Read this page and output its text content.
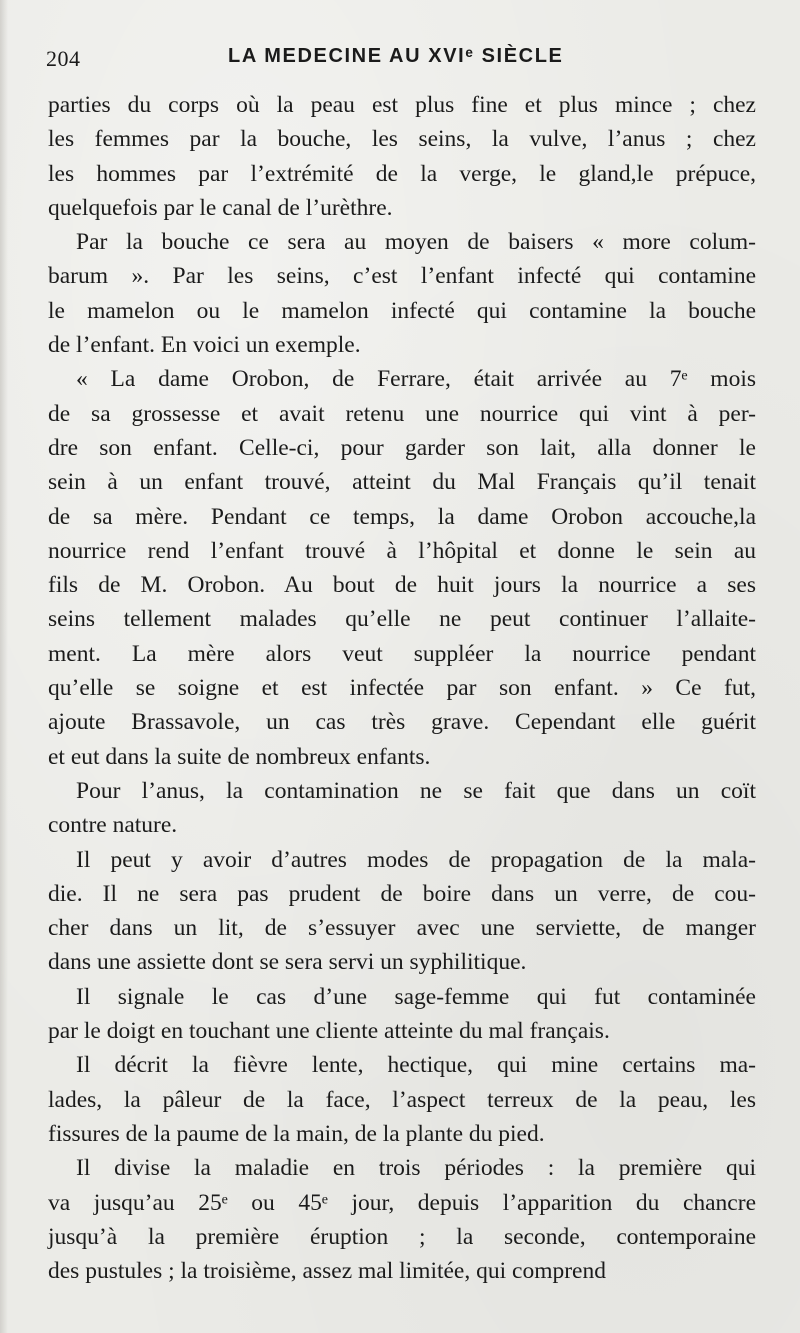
204	LA MEDECINE AU XVIᵉ SIÈCLE

parties du corps où la peau est plus fine et plus mince ; chez
les femmes par la bouche, les seins, la vulve, l’anus ; chez
les hommes par l’extrémité de la verge, le gland,le prépuce,
quelquefois par le canal de l’urèthre.

Par la bouche ce sera au moyen de baisers « more colum-
barum ». Par les seins, c’est l’enfant infecté qui contamine
le mamelon ou le mamelon infecté qui contamine la bouche
de l’enfant. En voici un exemple.

« La dame Orobon, de Ferrare, était arrivée au 7ᵉ mois
de sa grossesse et avait retenu une nourrice qui vint à per-
dre son enfant. Celle-ci, pour garder son lait, alla donner le
sein à un enfant trouvé, atteint du Mal Français qu’il tenait
de sa mère. Pendant ce temps, la dame Orobon accouche,la
nourrice rend l’enfant trouvé à l’hôpital et donne le sein au
fils de M. Orobon. Au bout de huit jours la nourrice a ses
seins tellement malades qu’elle ne peut continuer l’allaite-
ment. La mère alors veut suppléer la nourrice pendant
qu’elle se soigne et est infectée par son enfant. » Ce fut,
ajoute Brassavole, un cas très grave. Cependant elle guérit
et eut dans la suite de nombreux enfants.

Pour l’anus, la contamination ne se fait que dans un coït
contre nature.

Il peut y avoir d’autres modes de propagation de la mala-
die. Il ne sera pas prudent de boire dans un verre, de cou-
cher dans un lit, de s’essuyer avec une serviette, de manger
dans une assiette dont se sera servi un syphilitique.

Il signale le cas d’une sage-femme qui fut contaminée
par le doigt en touchant une cliente atteinte du mal français.

Il décrit la fièvre lente, hectique, qui mine certains ma-
lades, la pâleur de la face, l’aspect terreux de la peau, les
fissures de la paume de la main, de la plante du pied.

Il divise la maladie en trois périodes : la première qui
va jusqu’au 25ᵉ ou 45ᵉ jour, depuis l’apparition du chancre
jusqu’à la première éruption ; la seconde, contemporaine
des pustules ; la troisième, assez mal limitée, qui comprend
